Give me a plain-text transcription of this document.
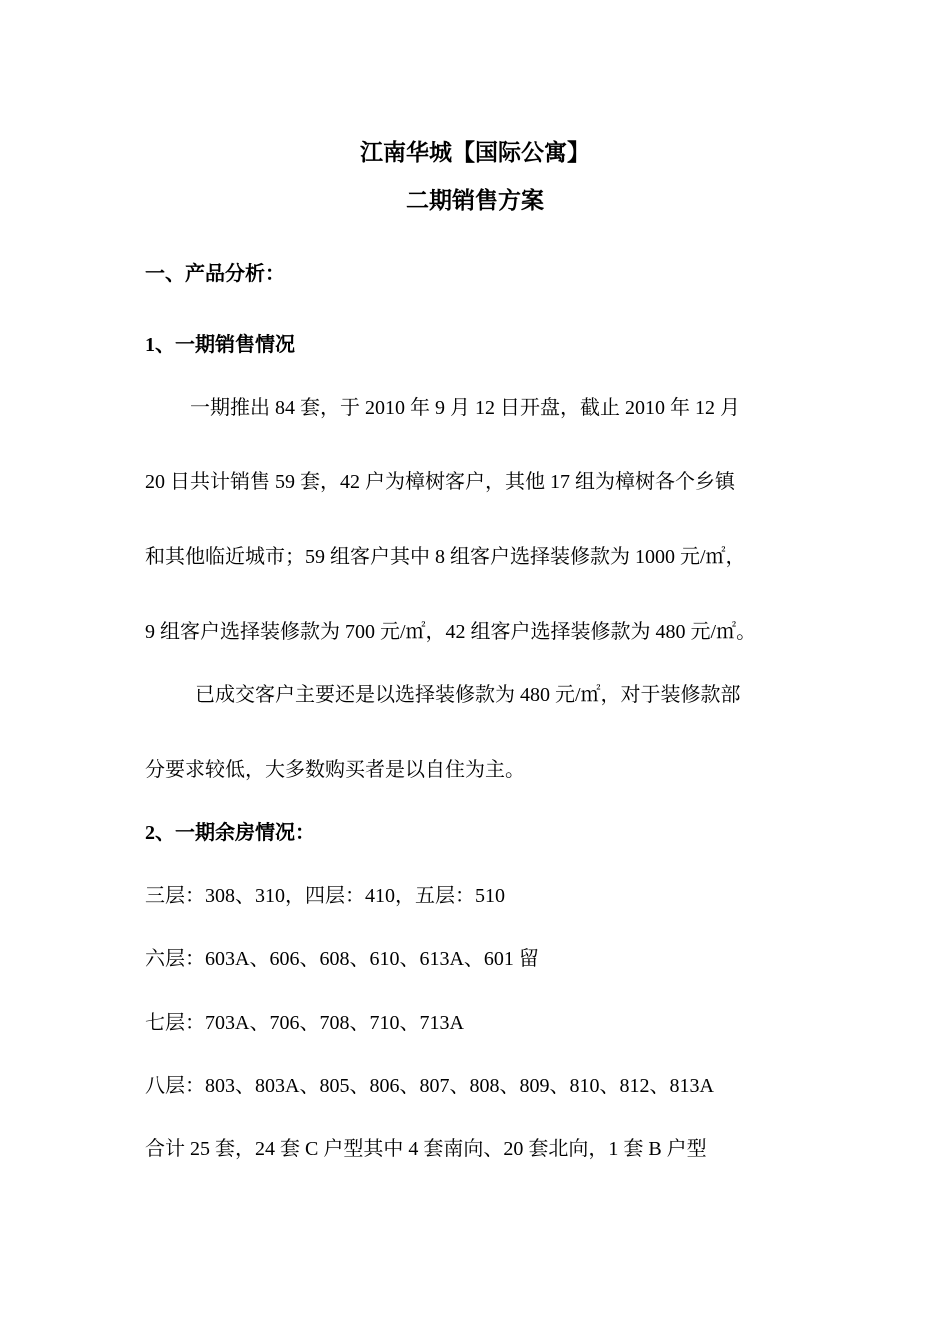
江南华城【国际公寓】
二期销售方案
一、产品分析：
1、一期销售情况
一期推出 84 套，于 2010 年 9 月 12 日开盘，截止 2010 年 12 月
20 日共计销售 59 套，42 户为樟树客户，其他 17 组为樟树各个乡镇
和其他临近城市；59 组客户其中 8 组客户选择装修款为 1000 元/㎡，
9 组客户选择装修款为 700 元/㎡，42 组客户选择装修款为 480 元/㎡。
已成交客户主要还是以选择装修款为 480 元/㎡，对于装修款部
分要求较低，大多数购买者是以自住为主。
2、一期余房情况：
三层：308、310，四层：410，五层：510
六层：603A、606、608、610、613A、601 留
七层：703A、706、708、710、713A
八层：803、803A、805、806、807、808、809、810、812、813A
合计 25 套，24 套 C 户型其中 4 套南向、20 套北向，1 套 B 户型
